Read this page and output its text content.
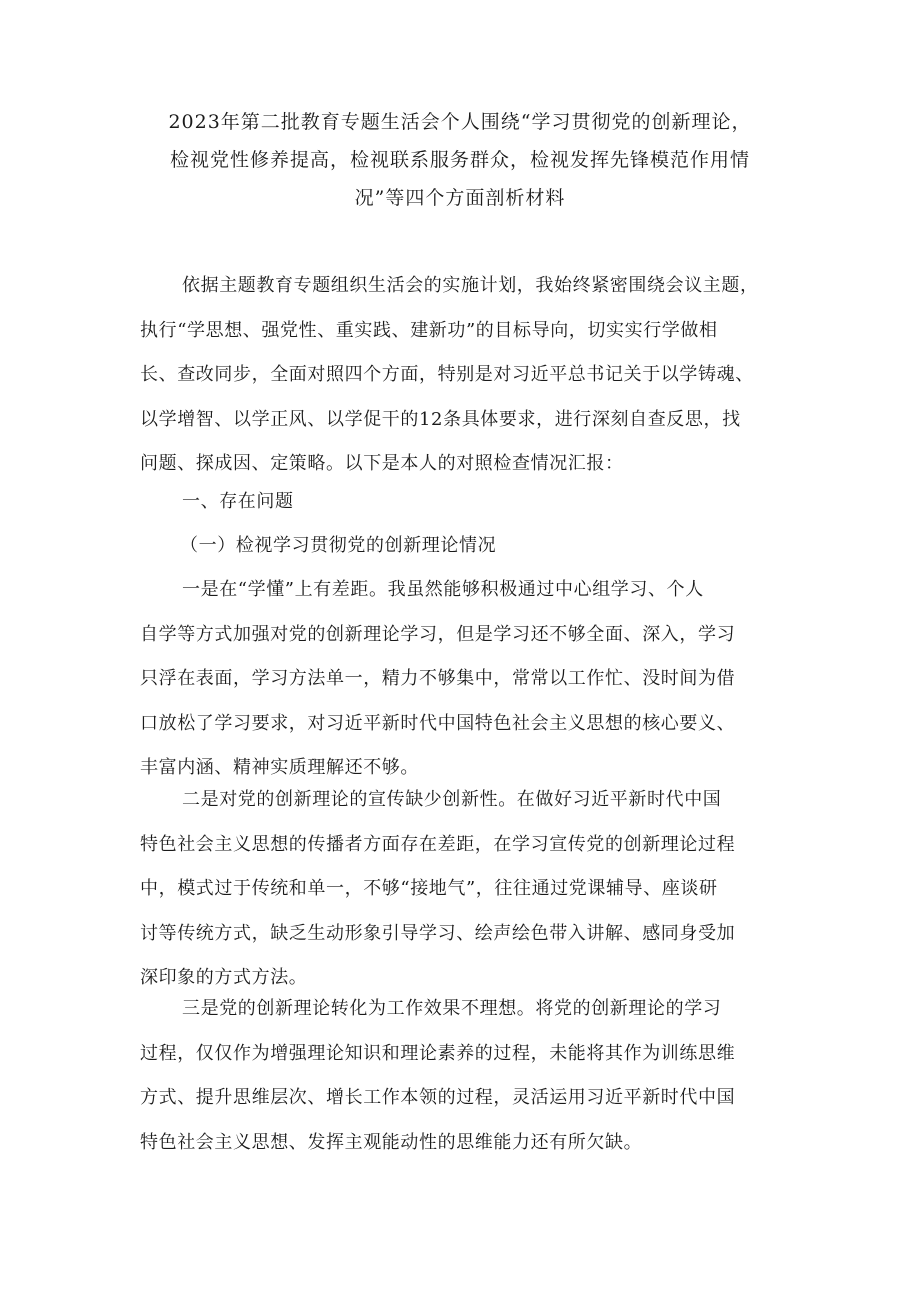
2023年第二批教育专题生活会个人围绕“学习贯彻党的创新理论，
检视党性修养提高，检视联系服务群众，检视发挥先锋模范作用情
况”等四个方面剖析材料
依据主题教育专题组织生活会的实施计划，我始终紧密围绕会议主题，
执行“学思想、强党性、重实践、建新功”的目标导向，切实实行学做相
长、查改同步，全面对照四个方面，特别是对习近平总书记关于以学铸魂、
以学增智、以学正风、以学促干的12条具体要求，进行深刻自查反思，找
问题、探成因、定策略。以下是本人的对照检查情况汇报：
一、存在问题
（一）检视学习贯彻党的创新理论情况
一是在“学懂”上有差距。我虽然能够积极通过中心组学习、个人
自学等方式加强对党的创新理论学习，但是学习还不够全面、深入，学习
只浮在表面，学习方法单一，精力不够集中，常常以工作忙、没时间为借
口放松了学习要求，对习近平新时代中国特色社会主义思想的核心要义、
丰富内涵、精神实质理解还不够。
二是对党的创新理论的宣传缺少创新性。在做好习近平新时代中国
特色社会主义思想的传播者方面存在差距，在学习宣传党的创新理论过程
中，模式过于传统和单一，不够“接地气”，往往通过党课辅导、座谈研
讨等传统方式，缺乏生动形象引导学习、绘声绘色带入讲解、感同身受加
深印象的方式方法。
三是党的创新理论转化为工作效果不理想。将党的创新理论的学习
过程，仅仅作为增强理论知识和理论素养的过程，未能将其作为训练思维
方式、提升思维层次、增长工作本领的过程，灵活运用习近平新时代中国
特色社会主义思想、发挥主观能动性的思维能力还有所欠缺。
